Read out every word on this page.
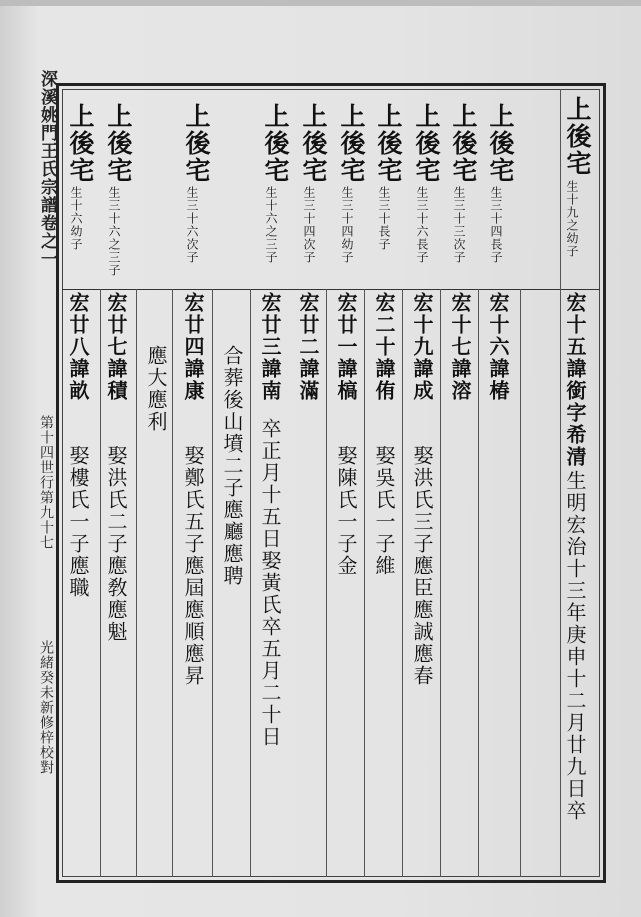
深溪姚門王氏宗譜卷之一
第十四世行第九十七
光緒癸未新修梓校對
上後宅
生十九之幼子
上後宅
生三十四長子
上後宅
生三十三次子
上後宅
生三十六長子
上後宅
生三十長子
上後宅
生三十四幼子
上後宅
生三十四次子
上後宅
生十六之三子
上後宅
生三十六次子
上後宅
生三十六之三子
上後宅
生十六幼子
宏十五諱銜字希清
生明宏治十三年庚申十二月廿九日卒
宏十六諱椿
宏十七諱溶
宏十九諱成
娶洪氏三子應臣應誠應春
宏二十諱侑
娶吳氏一子維
宏廿一諱槁
娶陳氏一子金
宏廿二諱滿
宏廿三諱南
卒正月十五日娶黃氏卒五月二十日
合葬後山墳二子應廳應聘
宏廿四諱康
娶鄭氏五子應屆應順應昇
應大應利
宏廿七諱積
娶洪氏二子應敎應魁
宏廿八諱畝
娶樓氏一子應職
